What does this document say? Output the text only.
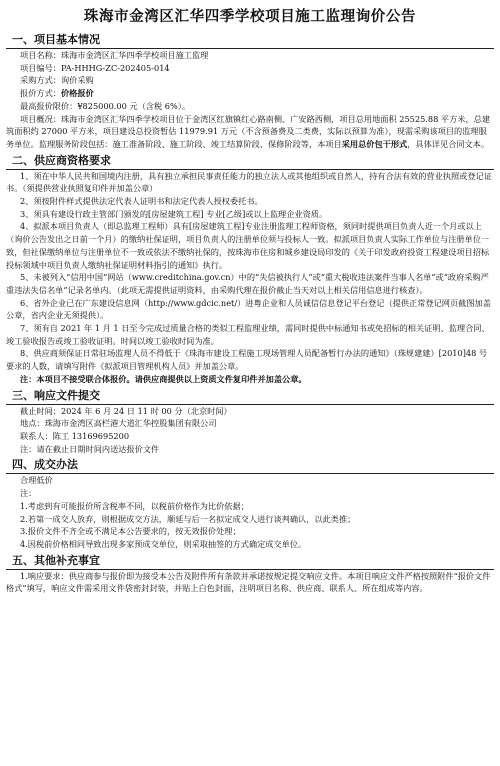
珠海市金湾区汇华四季学校项目施工监理询价公告
一、项目基本情况

项目名称：珠海市金湾区汇华四季学校项目施工监理

项目编号：PA-HHHG-ZC-202405-014

采购方式：询价采购

报价方式：价格报价

最高报价限价：¥825000.00 元（含税 6%）。

项目概况：珠海市金湾区汇华四季学校项目位于金湾区红旗镇红心路南侧、广安路西侧，项目总用地面积 25525.88 平方米，总建筑面积约 27000 平方米，项目建设总投资暂估 11979.91 万元（不含预备费及二类费，实际以预算为准），现需采购该项目的监理服务单位。监理服务阶段包括：施工准备阶段、施工阶段、竣工结算阶段、保修阶段等，本项目采用总价包干形式，具体详见合同文本。

二、供应商资格要求

1、须在中华人民共和国境内注册，具有独立承担民事责任能力的独立法人或其他组织或自然人，持有合法有效的营业执照或登记证书。（须提供营业执照复印件并加盖公章）

2、须按附件样式提供法定代表人证明书和法定代表人授权委托书。

3、须具有建设行政主管部门颁发的[房屋建筑工程] 专业[乙级]或以上监理企业资质。

4、拟派本项目负责人（即总监理工程师）具有[房屋建筑工程]专业注册监理工程师资格，须同时提供项目负责人近一个月或以上（询价公告发出之日前一个月）的缴纳社保证明，项目负责人的注册单位须与投标人一致。拟派项目负责人实际工作单位与注册单位一致，但社保缴纳单位与注册单位不一致或依法不缴纳社保的，按珠海市住房和城乡建设局印发的《关于印发政府投资工程建设项目招标投标领域中项目负责人缴纳社保证明材料指引的通知》执行。

5、未被列入“信用中国”网站（www.creditchina.gov.cn）中的“失信被执行人”或“重大税收违法案件当事人名单”或“政府采购严重违法失信名单”记录名单内。（此项无需提供证明资料，由采购代理在报价截止当天对以上相关信用信息进行核查）。

6、省外企业已在广东建设信息网（http://www.gdcic.net/）进粤企业和人员诚信信息登记平台登记（提供正常登记网页截图加盖公章，省内企业无须提供）。

7、须有自 2021 年 1 月 1 日至今完成过质量合格的类似工程监理业绩，需同时提供中标通知书或免招标的相关证明、监理合同、竣工验收报告或竣工验收证明。时间以竣工验收时间为准。

8、供应商须保证日常驻场监理人员不得低于《珠海市建设工程施工现场管理人员配备暂行办法的通知》（珠规建建）[2010]48 号要求的人数，请填写附件《拟派项目管理机构人员》并加盖公章。

注：本项目不接受联合体报价。请供应商提供以上资质文件复印件并加盖公章。

三、响应文件提交

截止时间：2024 年 6 月 24 日 11 时 00 分（北京时间）

地点：珠海市金湾区高栏港大道汇华控股集团有限公司

联系人：陈工 13169695200

注：请在截止日期时间内送达报价文件

四、成交办法

合理低价

注：

1.考虑到有可能报价所含税率不同，以税前价格作为比价依据；

2.若第一成交人放弃，则根据成交方法，顺延与后一名拟定成交人进行谈判确认，以此类推；

3.报价文件不齐全或不满足本公告要求的，按无效报价处理；

4.因税前价格相同导致出现多家预成交单位，则采取抽签的方式确定成交单位。

五、其他补充事宜

1.响应要求：供应商参与报价即为接受本公告及附件所有条款并承诺按规定提交响应文件。本项目响应文件严格按照附件“报价文件格式”填写，响应文件需采用文件袋密封封装，并贴上白色封面，注明项目名称、供应商、联系人、所在组成等内容。
